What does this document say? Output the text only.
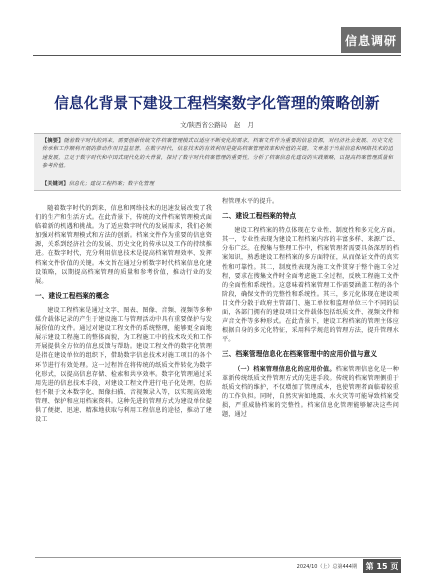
信息调研
信息化背景下建设工程档案数字化管理的策略创新
文/陕西省公路局 赵 月
【摘要】随着数字时代的到来，需要创新传统文件档案管理模式以适应不断变化的需求。档案文件作为重要的信息资源，对经济社会发展、历史文化传承和工作顺利开展的推动作用日益显著。在数字时代，信息技术的有效利用是提高档案管理效率和价值的关键。文章基于当前信息和网络技术的迅速发展，立足于数字时代和中国式现代化的大背景，探讨了数字时代档案管理的重要性，分析了档案信息化建设的实践策略，以提高档案管理质量和参考价值。
【关键词】信息化；建设工程档案；数字化管理

随着数字时代的到来，信息和网络技术的迅速发展改变了我们的生产和生活方式。在此背景下，传统的文件档案管理模式面临着新的机遇和挑战。为了适应数字时代的发展需求，我们必须加强对档案管理模式和方法的创新。档案文件作为重要的信息资源，关系到经济社会的发展、历史文化的传承以及工作的持续推进。在数字时代，充分利用信息技术是提高档案管理效率、发挥档案文件价值的关键。本文旨在通过分析数字时代档案信息化建设策略，以期提高档案管理的质量和参考价值，推动行业的发展。

一、建设工程档案的概念

建设工程档案是通过文字、图表、图像、音频、视频等多种媒介载体记录的产生于建设施工与管理活动中具有重要保护与发展价值的文件。通过对建设工程文件的系统整理，能够更全面地展示建设工程施工的整体面貌，为工程施工中的技术攻关和工作开展提供全方位的信息反馈与帮助。建设工程文件的数字化管理是指在建设单位的组织下，借助数字信息技术对施工项目的各个环节进行有效处理。这一过程旨在将传统的纸质文件转化为数字化形式，以提高信息存储、检索和共享效率。数字化管理通过采用先进的信息技术手段，对建设工程文件进行电子化处理，包括但不限于文本数字化、图像扫描、音视频录入等，以实现高效地管理、保护和应用档案资料。这种先进的管理方式为建设单位提供了便捷、迅速、精准地获取与利用工程信息的途径，推动了建设工

程管理水平的提升。

二、建设工程档案的特点

建设工程档案的特点体现在专业性、制度性和多元化方面。其一，专业性表现为建设工程档案内容的丰富多样、来源广泛、分布广泛。在搜集与整理工作中，档案管理者需要具备深厚的档案知识，熟悉建设工程档案的多方面特征，从而保证文件的真实性和可靠性。其二，制度性表现为施工文件贯穿于整个施工全过程，要求在搜集文件时全面考虑施工全过程，反映工程施工文件的全面性和系统性。这意味着档案管理工作需要涵盖工程的各个阶段，确保文件的完整性和系统性。其三，多元化体现在建设项目文件分散于政府主管部门、施工单位和监理单位三个不同的层面，各部门拥有的建设项目文件载体包括纸质文件、视频文件和声音文件等多种形式。在此背景下，建设工程档案的管理主体应根据自身的多元化特征，采用科学规范的管理方法，提升管理水平。

三、档案管理信息化在档案管理中的应用价值与意义

（一）档案管理信息化的应用价值。档案管理信息化是一种革新传统纸质文件管理方式的先进手段。传统的档案管理侧重于纸质文档的维护，不仅增加了管理成本，也使管理者面临着较重的工作负担。同时，自然灾害如地震、水火灾等可能导致档案受损，严重威胁档案的完整性。档案信息化管理能够解决这些问题，通过

2024/10（上）总第444期	第 15 页
